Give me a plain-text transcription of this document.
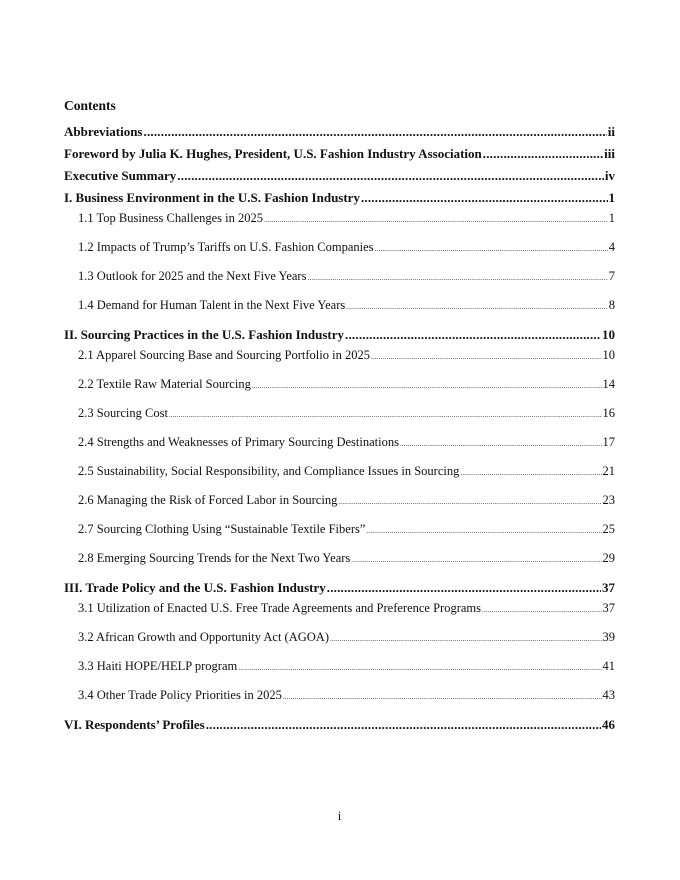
Contents
Abbreviations .....	ii
Foreword by Julia K. Hughes, President, U.S. Fashion Industry Association .....	iii
Executive Summary .....	iv
I. Business Environment in the U.S. Fashion Industry .....	1
1.1 Top Business Challenges in 2025 .....	1
1.2 Impacts of Trump’s Tariffs on U.S. Fashion Companies .....	4
1.3 Outlook for 2025 and the Next Five Years .....	7
1.4 Demand for Human Talent in the Next Five Years .....	8
II. Sourcing Practices in the U.S. Fashion Industry .....	10
2.1 Apparel Sourcing Base and Sourcing Portfolio in 2025 .....	10
2.2 Textile Raw Material Sourcing .....	14
2.3 Sourcing Cost .....	16
2.4 Strengths and Weaknesses of Primary Sourcing Destinations .....	17
2.5 Sustainability, Social Responsibility, and Compliance Issues in Sourcing .....	21
2.6 Managing the Risk of Forced Labor in Sourcing .....	23
2.7 Sourcing Clothing Using “Sustainable Textile Fibers” .....	25
2.8 Emerging Sourcing Trends for the Next Two Years .....	29
III. Trade Policy and the U.S. Fashion Industry .....	37
3.1 Utilization of Enacted U.S. Free Trade Agreements and Preference Programs .....	37
3.2 African Growth and Opportunity Act (AGOA) .....	39
3.3 Haiti HOPE/HELP program .....	41
3.4 Other Trade Policy Priorities in 2025 .....	43
VI. Respondents’ Profiles .....	46
i
